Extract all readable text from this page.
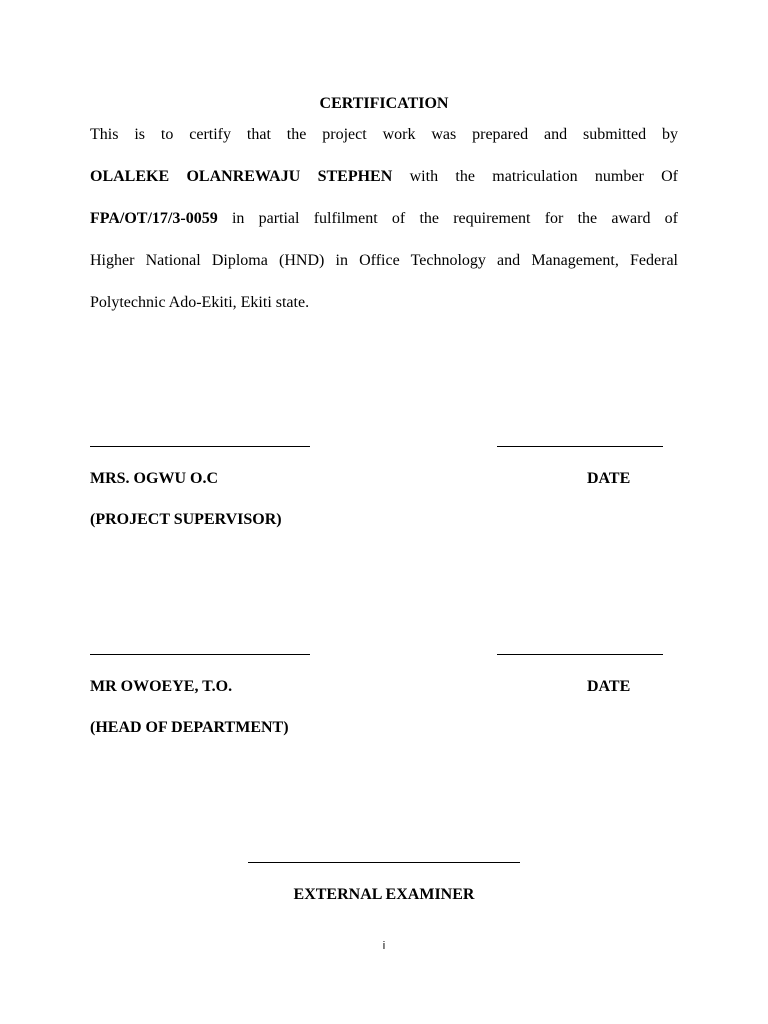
CERTIFICATION
This is to certify that the project work was prepared and submitted by
OLALEKE OLANREWAJU STEPHEN with the matriculation number Of
FPA/OT/17/3-0059 in partial fulfilment of the requirement for the award of
Higher National Diploma (HND) in Office Technology and Management, Federal
Polytechnic Ado-Ekiti, Ekiti state.
MRS. OGWU O.C	DATE
(PROJECT SUPERVISOR)
MR OWOEYE, T.O.	DATE
(HEAD OF DEPARTMENT)
EXTERNAL EXAMINER
i
